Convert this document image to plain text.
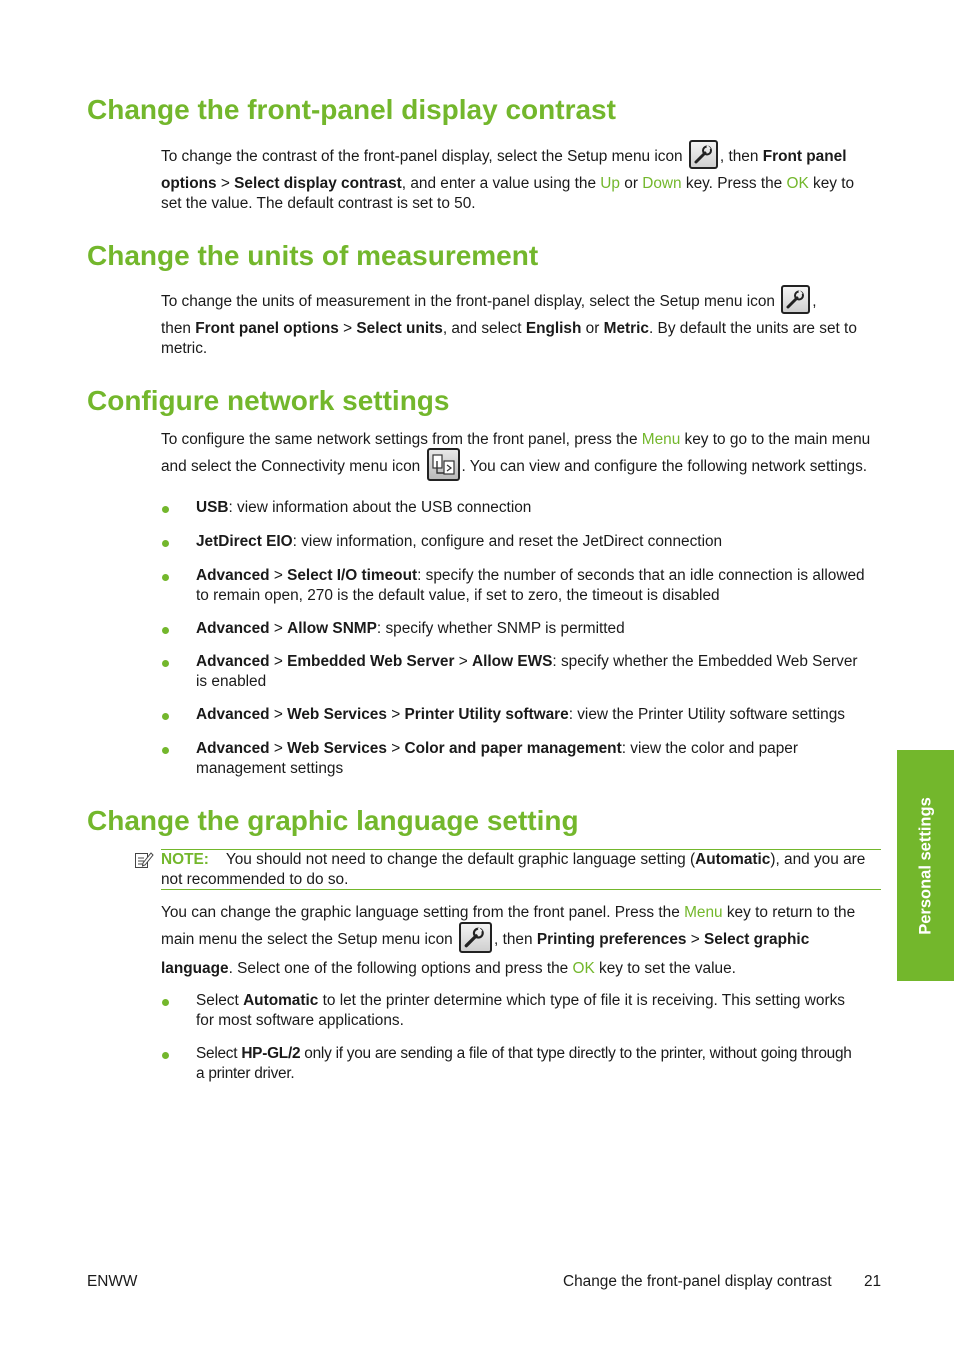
Change the front-panel display contrast
To change the contrast of the front-panel display, select the Setup menu icon
, then Front panel
options > Select display contrast, and enter a value using the Up or Down key. Press the OK key to
set the value. The default contrast is set to 50.
Change the units of measurement
To change the units of measurement in the front-panel display, select the Setup menu icon
,
then Front panel options > Select units, and select English or Metric. By default the units are set to
metric.
Configure network settings
To configure the same network settings from the front panel, press the Menu key to go to the main menu
and select the Connectivity menu icon
. You can view and configure the following network settings.
USB: view information about the USB connection
JetDirect EIO: view information, configure and reset the JetDirect connection
Advanced > Select I/O timeout: specify the number of seconds that an idle connection is allowed
to remain open, 270 is the default value, if set to zero, the timeout is disabled
Advanced > Allow SNMP: specify whether SNMP is permitted
Advanced > Embedded Web Server > Allow EWS: specify whether the Embedded Web Server
is enabled
Advanced > Web Services > Printer Utility software: view the Printer Utility software settings
Advanced > Web Services > Color and paper management: view the color and paper
management settings
Change the graphic language setting
NOTE: You should not need to change the default graphic language setting (Automatic), and you are
not recommended to do so.
You can change the graphic language setting from the front panel. Press the Menu key to return to the
main menu the select the Setup menu icon
, then Printing preferences > Select graphic
language. Select one of the following options and press the OK key to set the value.
Select Automatic to let the printer determine which type of file it is receiving. This setting works
for most software applications.
Select HP-GL/2 only if you are sending a file of that type directly to the printer, without going through
a printer driver.
Personal settings
ENWW	Change the front-panel display contrast 21
